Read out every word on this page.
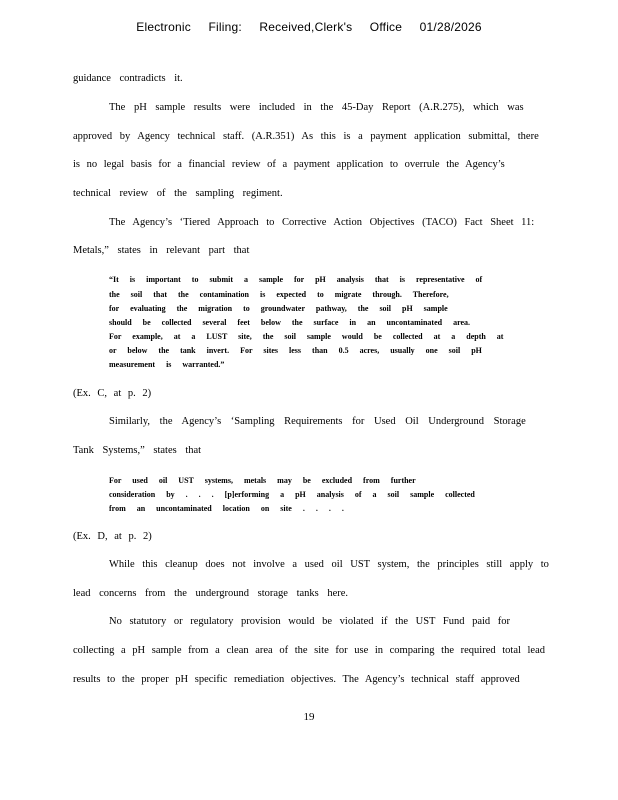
Electronic Filing: Received,Clerk's Office 01/28/2026
guidance contradicts it.
The pH sample results were included in the 45-Day Report (A.R.275), which was
approved by Agency technical staff. (A.R.351) As this is a payment application submittal, there
is no legal basis for a financial review of a payment application to overrule the Agency’s
technical review of the sampling regiment.
The Agency’s ‘Tiered Approach to Corrective Action Objectives (TACO) Fact Sheet 11:
Metals,” states in relevant part that
“It is important to submit a sample for pH analysis that is representative of
the soil that the contamination is expected to migrate through. Therefore,
for evaluating the migration to groundwater pathway, the soil pH sample
should be collected several feet below the surface in an uncontaminated area.
For example, at a LUST site, the soil sample would be collected at a depth at
or below the tank invert. For sites less than 0.5 acres, usually one soil pH
measurement is warranted.”
(Ex. C, at p. 2)
Similarly, the Agency’s ‘Sampling Requirements for Used Oil Underground Storage
Tank Systems,” states that
For used oil UST systems, metals may be excluded from further
consideration by . . . [p]erforming a pH analysis of a soil sample collected
from an uncontaminated location on site . . . .
(Ex. D, at p. 2)
While this cleanup does not involve a used oil UST system, the principles still apply to
lead concerns from the underground storage tanks here.
No statutory or regulatory provision would be violated if the UST Fund paid for
collecting a pH sample from a clean area of the site for use in comparing the required total lead
results to the proper pH specific remediation objectives. The Agency’s technical staff approved
19
